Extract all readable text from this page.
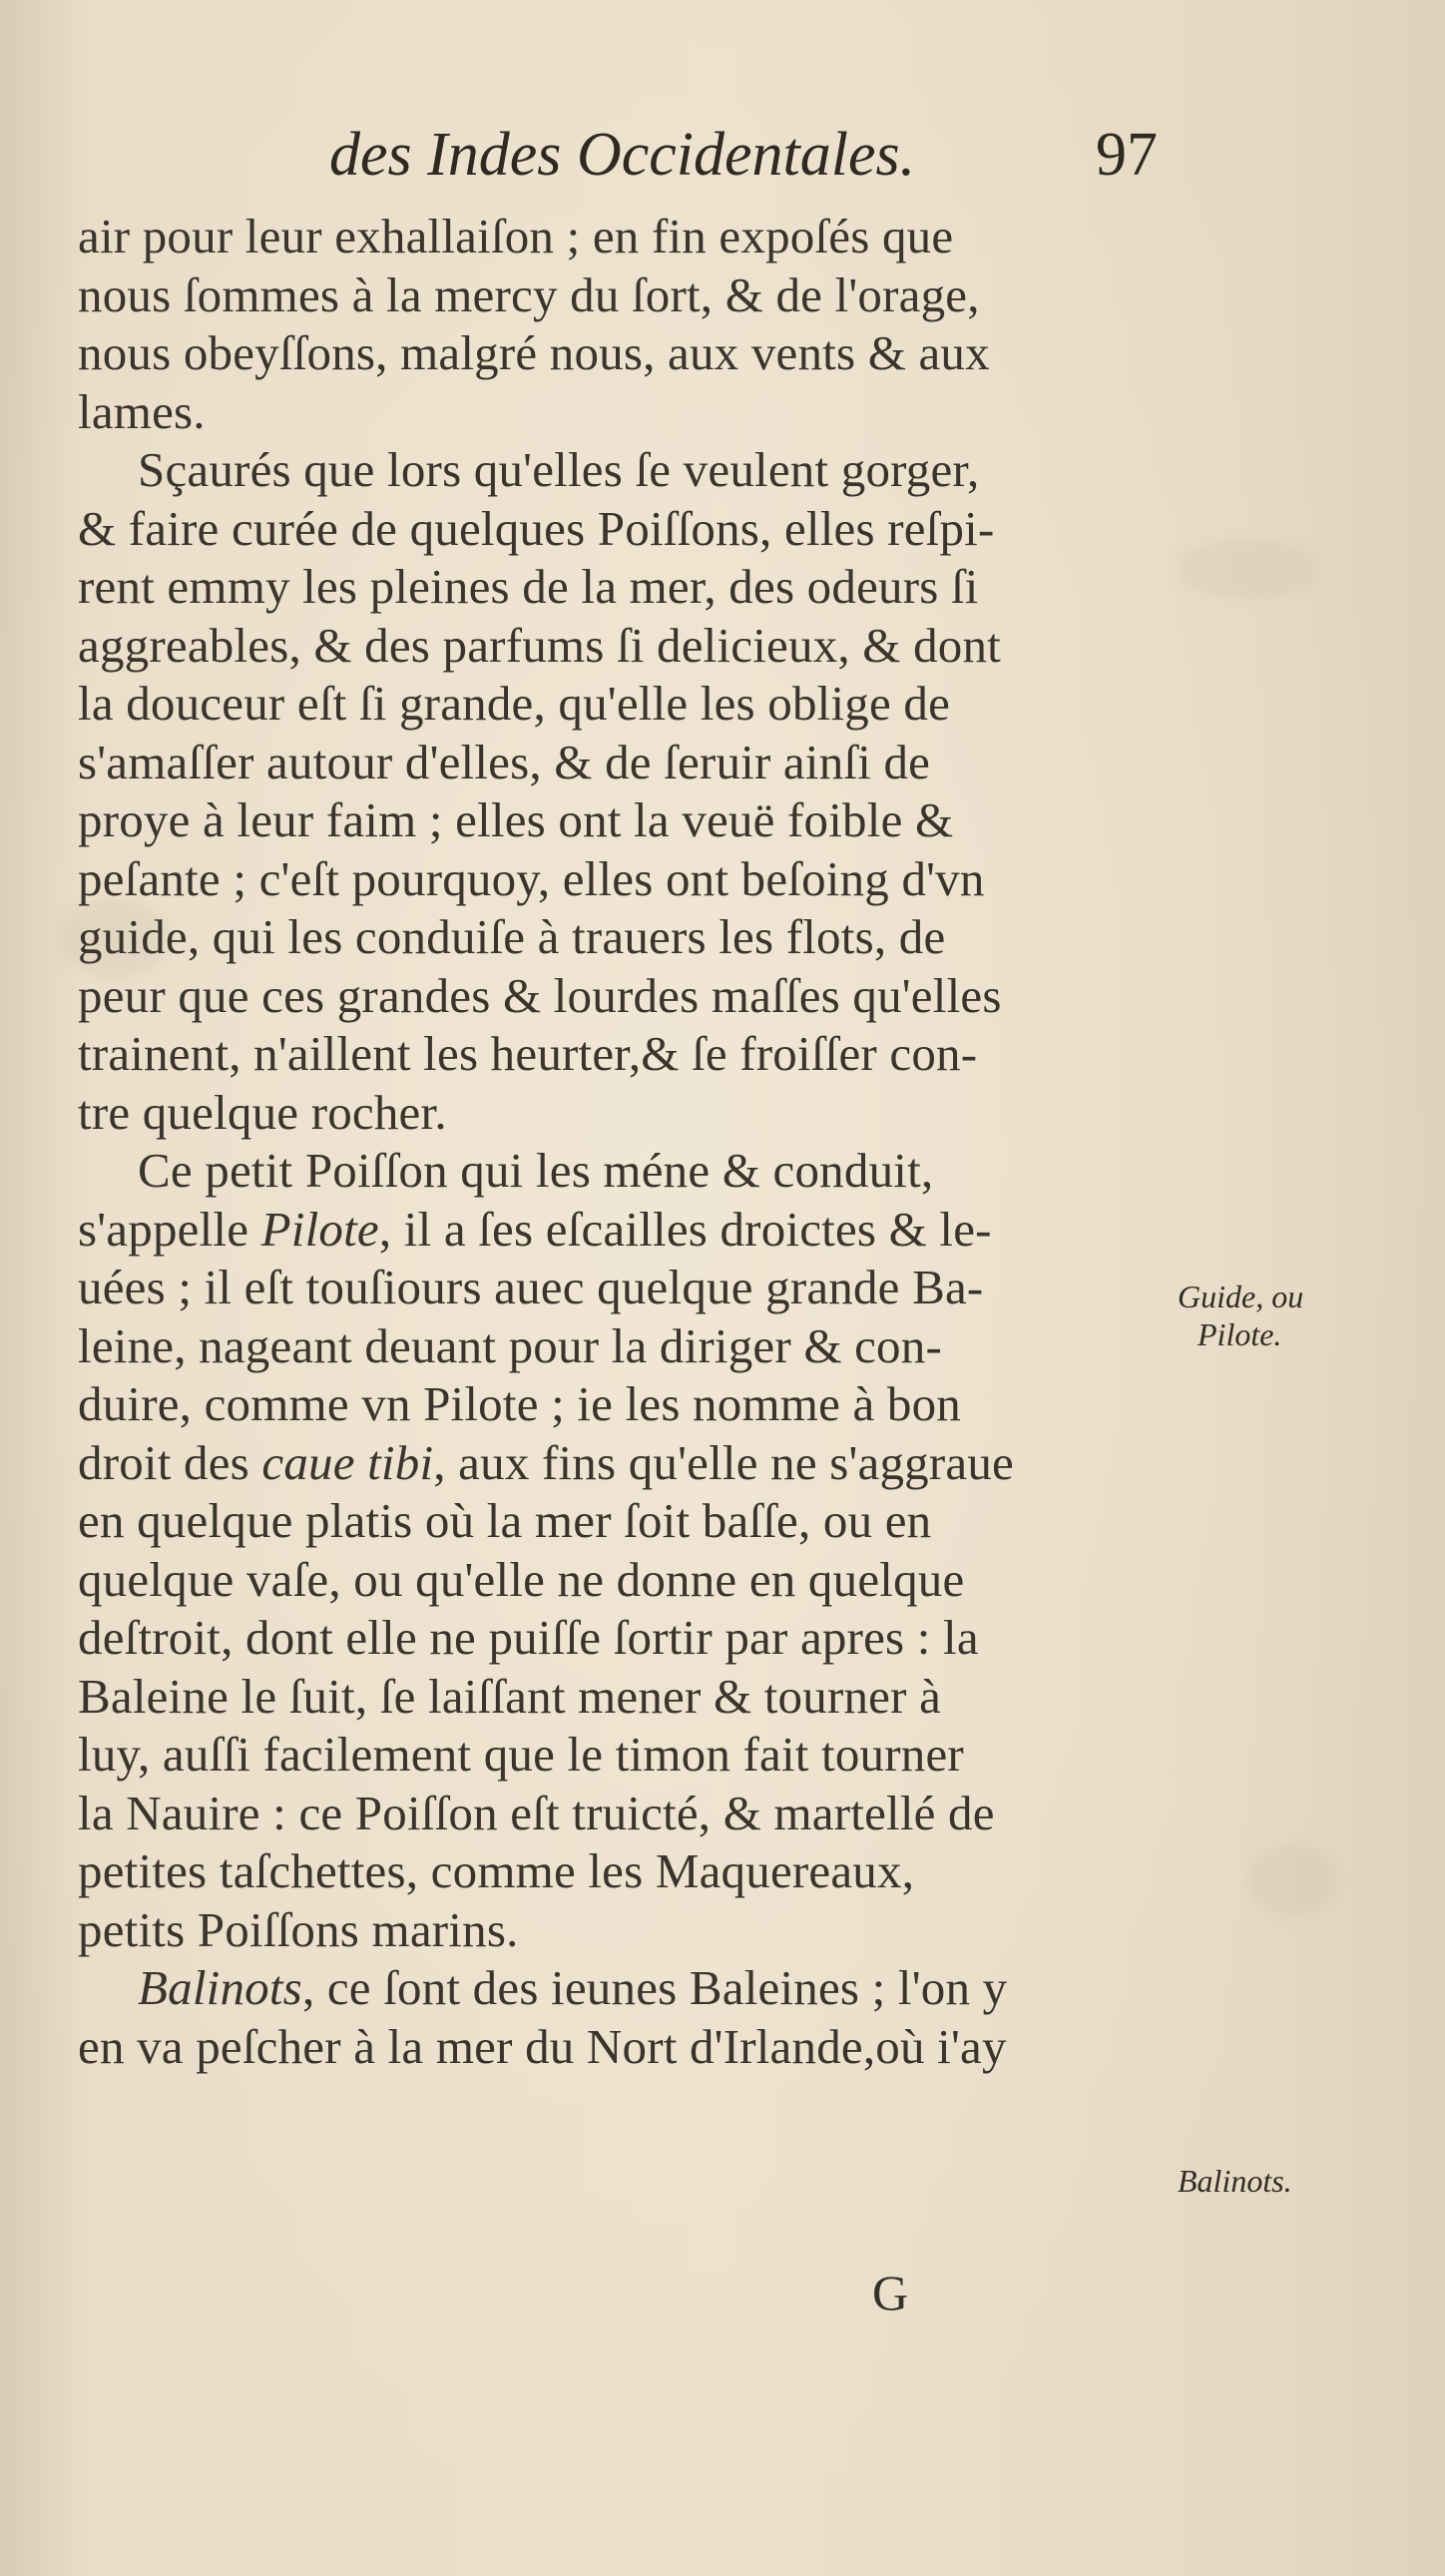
des Indes Occidentales.	97
air pour leur exhallaiſon ; en fin expoſés que
nous ſommes à la mercy du ſort, & de l'orage,
nous obeyſſons, malgré nous, aux vents & aux
lames.
Sçaurés que lors qu'elles ſe veulent gorger,
& faire curée de quelques Poiſſons, elles reſpi-
rent emmy les pleines de la mer, des odeurs ſi
aggreables, & des parfums ſi delicieux, & dont
la douceur eſt ſi grande, qu'elle les oblige de
s'amaſſer autour d'elles, & de ſeruir ainſi de
proye à leur faim ; elles ont la veuë foible &
peſante ; c'eſt pourquoy, elles ont beſoing d'vn
guide, qui les conduiſe à trauers les flots, de
peur que ces grandes & lourdes maſſes qu'elles
trainent, n'aillent les heurter,& ſe froiſſer con-
tre quelque rocher.
Ce petit Poiſſon qui les méne & conduit,
s'appelle Pilote, il a ſes eſcailles droictes & le-
uées ; il eſt touſiours auec quelque grande Ba-
leine, nageant deuant pour la diriger & con-
duire, comme vn Pilote ; ie les nomme à bon
droit des caue tibi, aux fins qu'elle ne s'aggraue
en quelque platis où la mer ſoit baſſe, ou en
quelque vaſe, ou qu'elle ne donne en quelque
deſtroit, dont elle ne puiſſe ſortir par apres : la
Baleine le ſuit, ſe laiſſant mener & tourner à
luy, auſſi facilement que le timon fait tourner
la Nauire : ce Poiſſon eſt truicté, & martellé de
petites taſchettes, comme les Maquereaux,
petits Poiſſons marins.
Balinots, ce ſont des ieunes Baleines ; l'on y
en va peſcher à la mer du Nort d'Irlande,où i'ay
Guide, ou
Pilote.
Balinots.
G
